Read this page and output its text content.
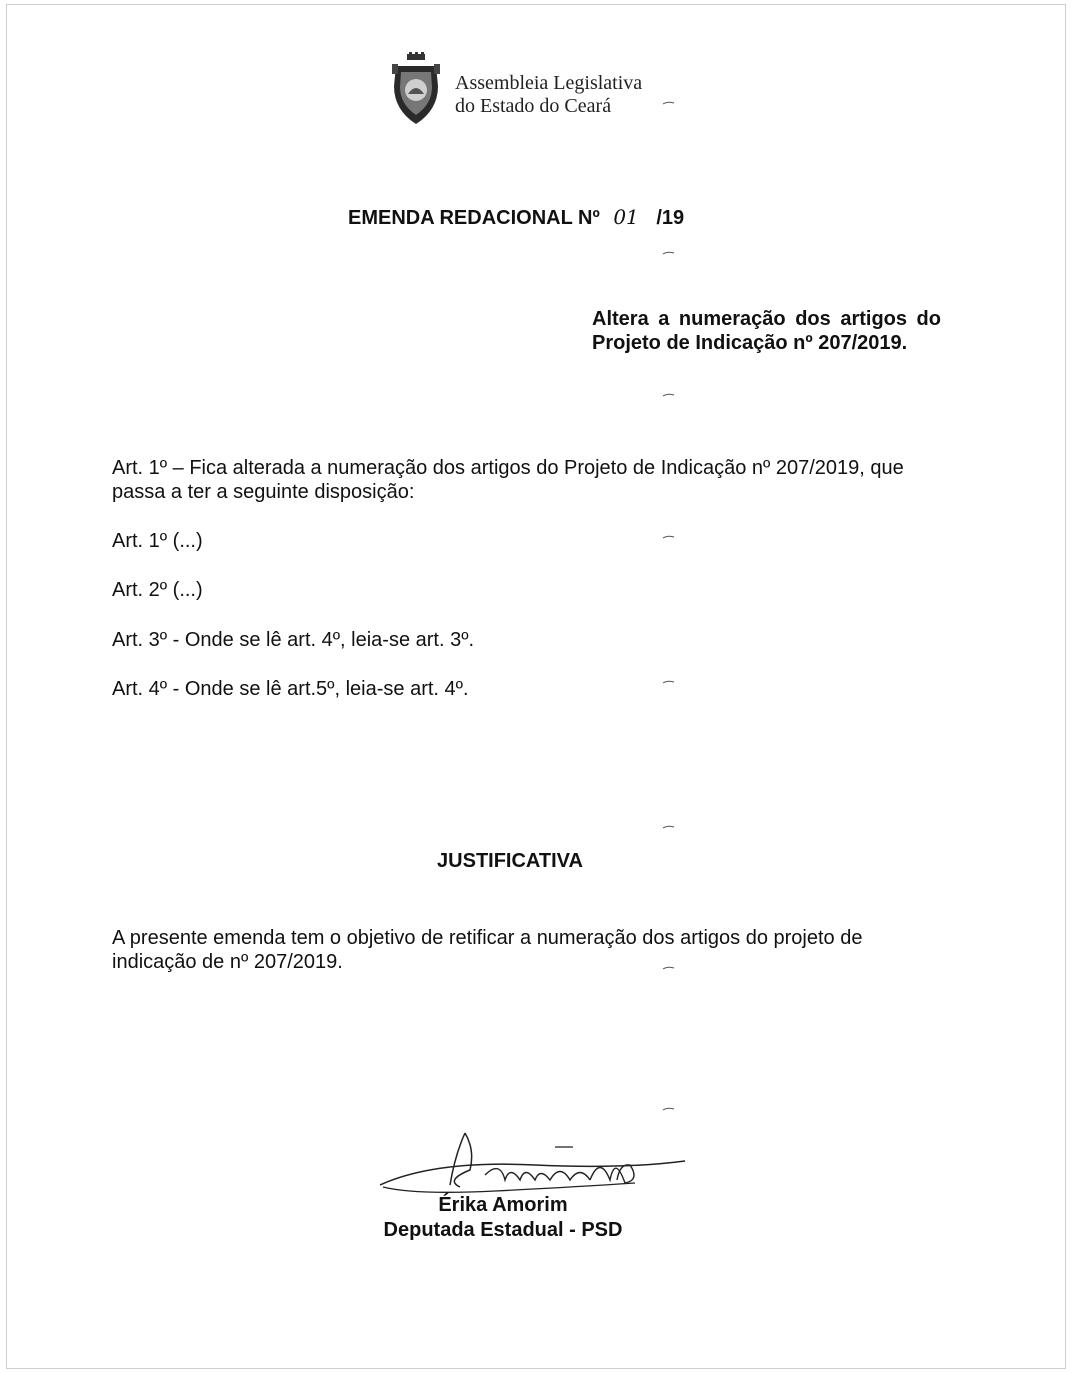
Assembleia Legislativa
do Estado do Ceará
EMENDA REDACIONAL Nº 01 /19
Altera a numeração dos artigos do Projeto de Indicação nº 207/2019.
Art. 1º – Fica alterada a numeração dos artigos do Projeto de Indicação nº 207/2019, que passa a ter a seguinte disposição:
Art. 1º (...)
Art. 2º (...)
Art. 3º - Onde se lê art. 4º, leia-se art. 3º.
Art. 4º - Onde se lê art.5º, leia-se art. 4º.
JUSTIFICATIVA
A presente emenda tem o objetivo de retificar a numeração dos artigos do projeto de indicação de nº 207/2019.
Érika Amorim
Deputada Estadual - PSD
